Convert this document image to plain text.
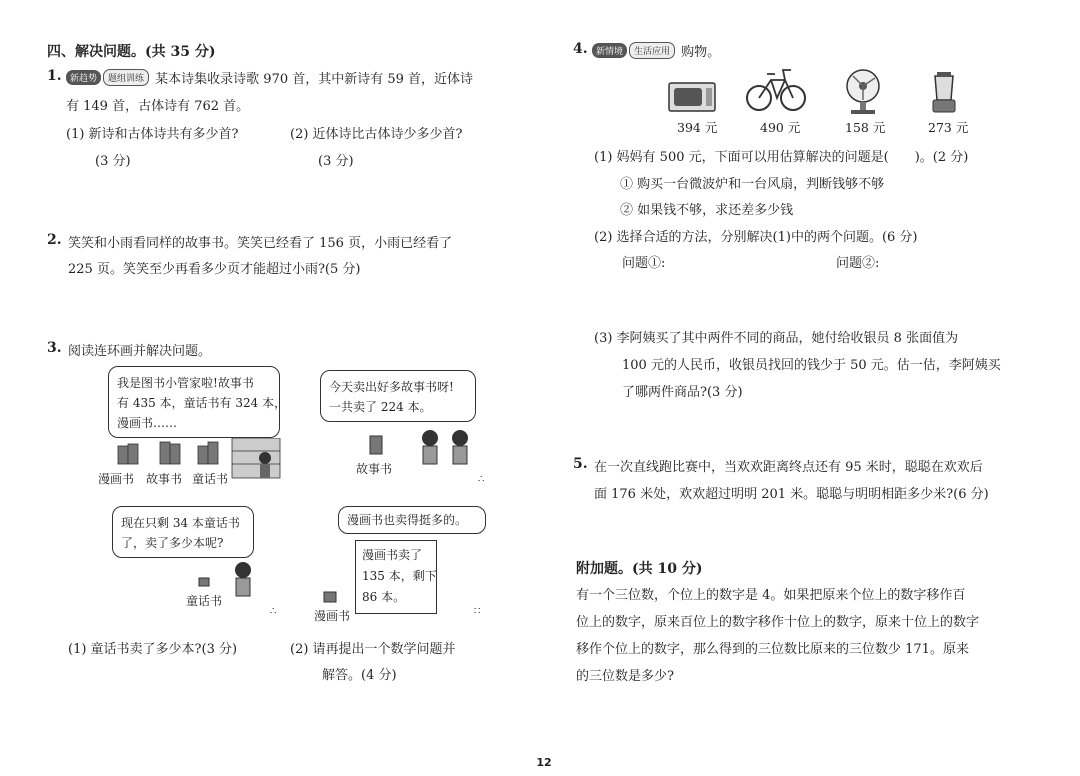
四、解决问题。(共 35 分)
1. 新趋势 题组训练 某本诗集收录诗歌 970 首，其中新诗有 59 首，近体诗
有 149 首，古体诗有 762 首。
(1) 新诗和古体诗共有多少首?	(2) 近体诗比古体诗少多少首?
(3 分)	(3 分)
2. 笑笑和小雨看同样的故事书。笑笑已经看了 156 页，小雨已经看了
225 页。笑笑至少再看多少页才能超过小雨?(5 分)
3. 阅读连环画并解决问题。
我是图书小管家啦!故事书
有 435 本，童话书有 324 本，
漫画书……
漫画书 故事书 童话书
今天卖出好多故事书呀!
一共卖了 224 本。
故事书
∴
现在只剩 34 本童话书
了，卖了多少本呢?
童话书
∴
漫画书也卖得挺多的。
漫画书卖了
135 本，剩下
86 本。
漫画书	∷
(1) 童话书卖了多少本?(3 分)	(2) 请再提出一个数学问题并
解答。(4 分)
4. 新情境 生活应用 购物。
394 元	490 元	158 元	273 元
(1) 妈妈有 500 元，下面可以用估算解决的问题是(　　)。(2 分)
① 购买一台微波炉和一台风扇，判断钱够不够
② 如果钱不够，求还差多少钱
(2) 选择合适的方法，分别解决(1)中的两个问题。(6 分)
问题①:	问题②:
(3) 李阿姨买了其中两件不同的商品，她付给收银员 8 张面值为
100 元的人民币，收银员找回的钱少于 50 元。估一估，李阿姨买
了哪两件商品?(3 分)
5. 在一次直线跑比赛中，当欢欢距离终点还有 95 米时，聪聪在欢欢后
面 176 米处，欢欢超过明明 201 米。聪聪与明明相距多少米?(6 分)
附加题。(共 10 分)
有一个三位数，个位上的数字是 4。如果把原来个位上的数字移作百
位上的数字，原来百位上的数字移作十位上的数字，原来十位上的数字
移作个位上的数字，那么得到的三位数比原来的三位数少 171。原来
的三位数是多少?
12
